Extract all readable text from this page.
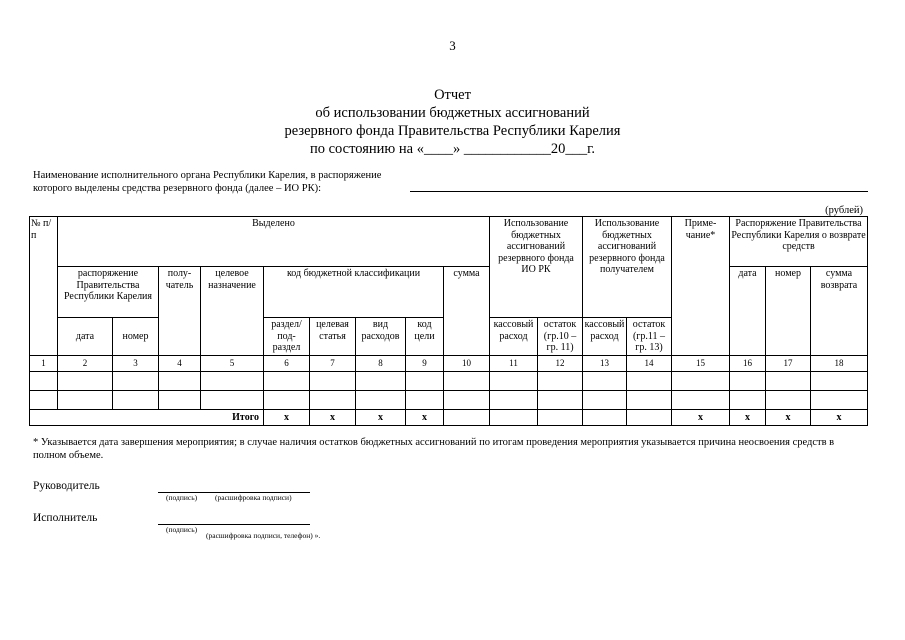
3
Отчет
об использовании бюджетных ассигнований
резервного фонда Правительства Республики Карелия
по состоянию на «____» ____________20___г.
Наименование исполнительного органа Республики Карелия, в распоряжение
которого выделены средства резервного фонда (далее – ИО РК):
(рублей)
№ п/п	Выделено									Использование бюджетных ассигнований резервного фонда ИО РК		Использование бюджетных ассигнований резервного фонда получателем		Приме-чание*	Распоряжение Правительства Республики Карелия о возврате средств		
	распоряжение Правительства Республики Карелия		полу-чатель	целевое назначение	код бюджетной классификации				сумма						дата	номер	сумма возврата
	дата	номер			раздел/ под-раздел	целевая статья	вид расходов	код цели		кассовый расход	остаток (гр.10 – гр. 11)	кассовый расход	остаток (гр.11 – гр. 13)				
1	2	3	4	5	6	7	8	9	10	11	12	13	14	15	16	17	18

Итого					х	х	х	х						х	х	х	х
* Указывается дата завершения мероприятия; в случае наличия остатков бюджетных ассигнований по итогам проведения мероприятия указывается причина неосвоения средств в полном объеме.
Руководитель
(подпись) (расшифровка подписи)
Исполнитель
(подпись)
(расшифровка подписи, телефон) ».
